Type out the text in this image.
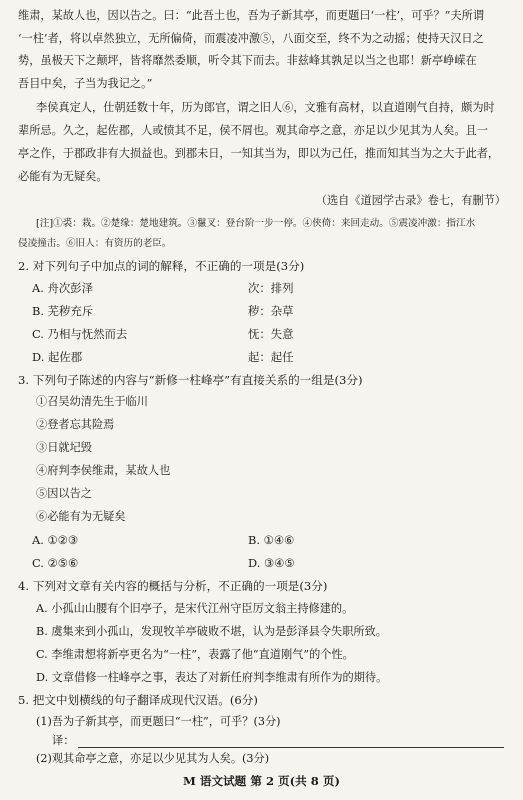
维肃，某故人也，因以告之。曰：“此吾土也，吾为子新其亭，而更题曰‘一柱’，可乎？”夫所谓
‘一柱’者，将以卓然独立，无所偏倚，而震凌冲激⑤，八面交至，终不为之动摇；使持天汉日之
势，虽极天下之颠坪，皆将靡然委顺，听令其下而去。非兹峰其孰足以当之也耶！新亭峥嵘在
吾目中矣，子当为我记之。”
李侯真定人，仕朝廷数十年，历为郎官，谓之旧人⑥，文雅有高材，以直道刚气自持，颇为时
辈所忌。久之，起佐郡，人或愤其不足，侯不屑也。观其命亭之意，亦足以少见其为人矣。且一
亭之作，于郡政非有大损益也。到郡未日，一知其当为，即以为己任，推而知其当为之大于此者，
必能有为无疑矣。
（选自《道园学古录》卷七，有删节）
[注]①裘：栽。②楚缘：楚地建筑。③鬣叉：登台阶一步一停。④侠倚：来回走动。⑤震凌冲激：指江水
侵凌撞击。⑥旧人：有资历的老臣。
2. 对下列句子中加点的词的解释，不正确的一项是(3分)
A. 舟次彭泽	次：排列
B. 芜秽充斥	秽：杂草
C. 乃相与怃然而去	怃：失意
D. 起佐郡	起：起任
3. 下列句子陈述的内容与“新修一柱峰亭”有直接关系的一组是(3分)
①召吴幼清先生于临川
②登者忘其险焉
③日就圮毁
④府判李侯维肃，某故人也
⑤因以告之
⑥必能有为无疑矣
A. ①②③	B. ①④⑥
C. ②⑤⑥	D. ③④⑤
4. 下列对文章有关内容的概括与分析，不正确的一项是(3分)
A. 小孤山山腰有个旧亭子，是宋代江州守臣厉文翁主持修建的。
B. 虞集来到小孤山，发现牧羊亭破败不堪，认为是彭泽县令失职所致。
C. 李维肃想将新亭更名为“一柱”，表露了他“直道刚气”的个性。
D. 文章借修一柱峰亭之事，表达了对新任府判李维肃有所作为的期待。
5. 把文中划横线的句子翻译成现代汉语。(6分)
(1)吾为子新其亭，而更题曰“一柱”，可乎？(3分)
译：
(2)观其命亭之意，亦足以少见其为人矣。(3分)
M 语文试题 第 2 页(共 8 页)
